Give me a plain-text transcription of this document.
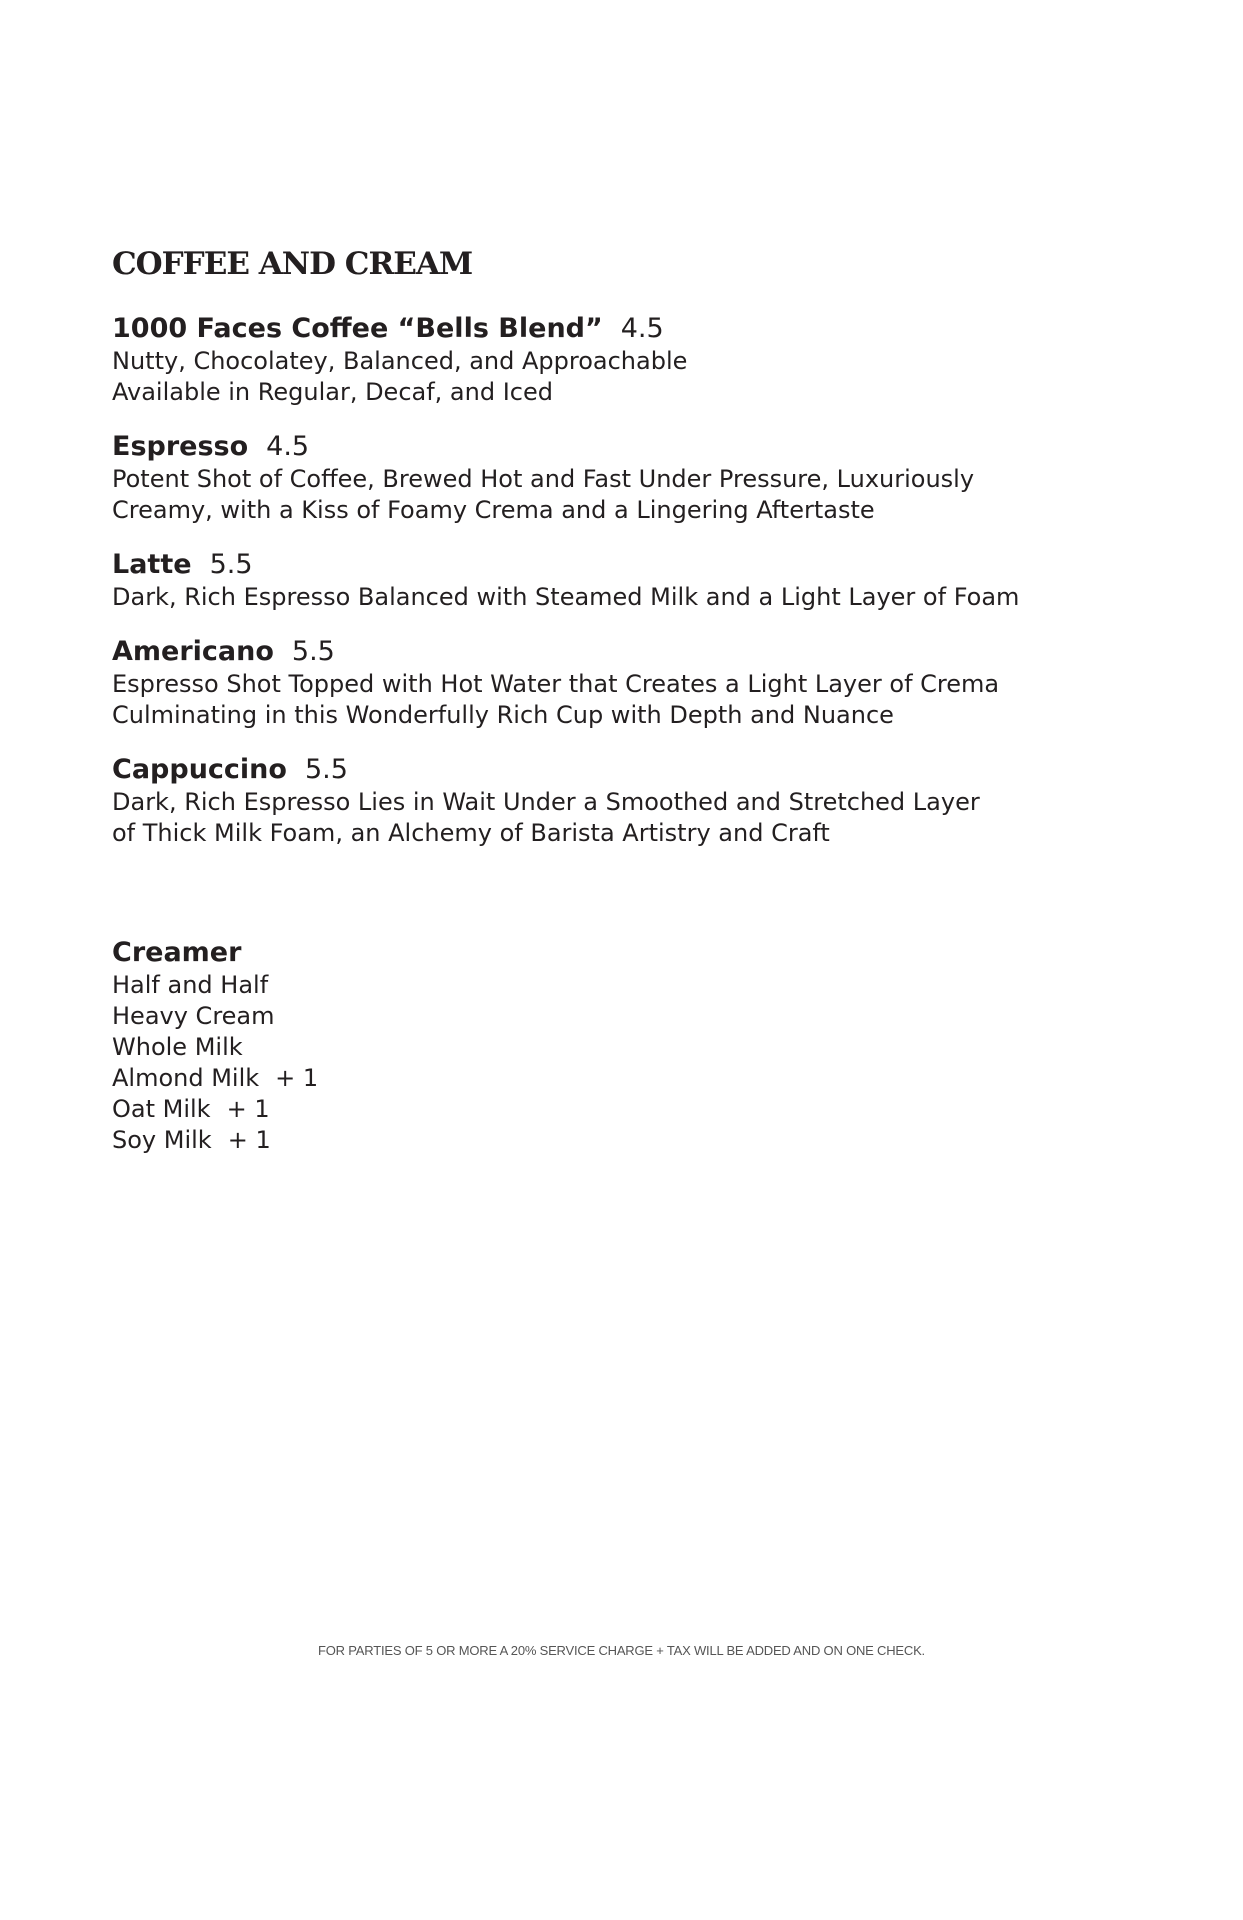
COFFEE AND CREAM
1000 Faces Coffee “Bells Blend” 4.5
Nutty, Chocolatey, Balanced, and Approachable
Available in Regular, Decaf, and Iced
Espresso 4.5
Potent Shot of Coffee, Brewed Hot and Fast Under Pressure, Luxuriously
Creamy, with a Kiss of Foamy Crema and a Lingering Aftertaste
Latte 5.5
Dark, Rich Espresso Balanced with Steamed Milk and a Light Layer of Foam
Americano 5.5
Espresso Shot Topped with Hot Water that Creates a Light Layer of Crema
Culminating in this Wonderfully Rich Cup with Depth and Nuance
Cappuccino 5.5
Dark, Rich Espresso Lies in Wait Under a Smoothed and Stretched Layer
of Thick Milk Foam, an Alchemy of Barista Artistry and Craft
Creamer
Half and Half
Heavy Cream
Whole Milk
Almond Milk + 1
Oat Milk + 1
Soy Milk + 1

FOR PARTIES OF 5 OR MORE A 20% SERVICE CHARGE + TAX WILL BE ADDED AND ON ONE CHECK.
